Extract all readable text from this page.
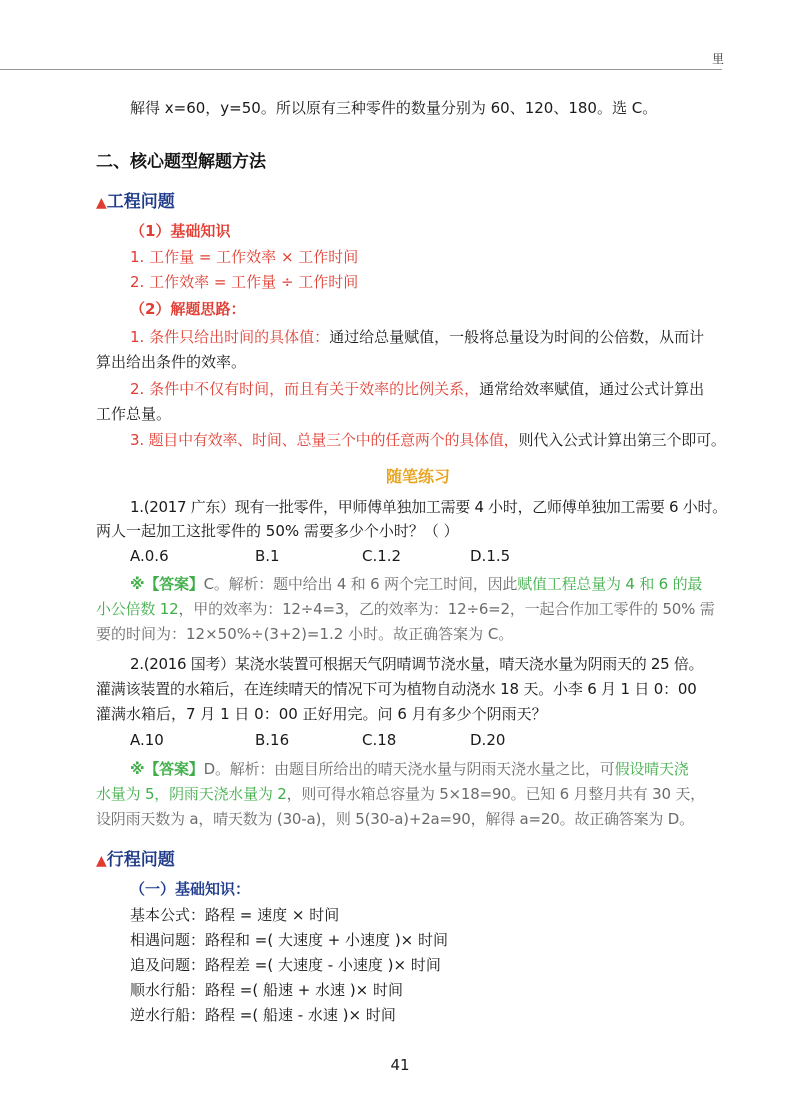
里
解得 x=60，y=50。所以原有三种零件的数量分别为 60、120、180。选 C。
二、核心题型解题方法
▲工程问题
（1）基础知识
1. 工作量 = 工作效率 × 工作时间
2. 工作效率 = 工作量 ÷ 工作时间
（2）解题思路：
1. 条件只给出时间的具体值：通过给总量赋值，一般将总量设为时间的公倍数，从而计
算出给出条件的效率。
2. 条件中不仅有时间，而且有关于效率的比例关系，通常给效率赋值，通过公式计算出
工作总量。
3. 题目中有效率、时间、总量三个中的任意两个的具体值，则代入公式计算出第三个即可。
随笔练习
1.(2017 广东）现有一批零件，甲师傅单独加工需要 4 小时，乙师傅单独加工需要 6 小时。
两人一起加工这批零件的 50% 需要多少个小时？（ ）
A.0.6	B.1	C.1.2	D.1.5
※【答案】C。解析：题中给出 4 和 6 两个完工时间，因此赋值工程总量为 4 和 6 的最
小公倍数 12，甲的效率为：12÷4=3，乙的效率为：12÷6=2，一起合作加工零件的 50% 需
要的时间为：12×50%÷(3+2)=1.2 小时。故正确答案为 C。
2.(2016 国考）某浇水装置可根据天气阴晴调节浇水量，晴天浇水量为阴雨天的 25 倍。
灌满该装置的水箱后，在连续晴天的情况下可为植物自动浇水 18 天。小李 6 月 1 日 0：00
灌满水箱后，7 月 1 日 0：00 正好用完。问 6 月有多少个阴雨天？
A.10	B.16	C.18	D.20
※【答案】D。解析：由题目所给出的晴天浇水量与阴雨天浇水量之比，可假设晴天浇
水量为 5，阴雨天浇水量为 2，则可得水箱总容量为 5×18=90。已知 6 月整月共有 30 天，
设阴雨天数为 a，晴天数为 (30-a)，则 5(30-a)+2a=90，解得 a=20。故正确答案为 D。
▲行程问题
（一）基础知识：
基本公式：路程 = 速度 × 时间
相遇问题：路程和 =( 大速度 + 小速度 )× 时间
追及问题：路程差 =( 大速度 - 小速度 )× 时间
顺水行船：路程 =( 船速 + 水速 )× 时间
逆水行船：路程 =( 船速 - 水速 )× 时间
41
